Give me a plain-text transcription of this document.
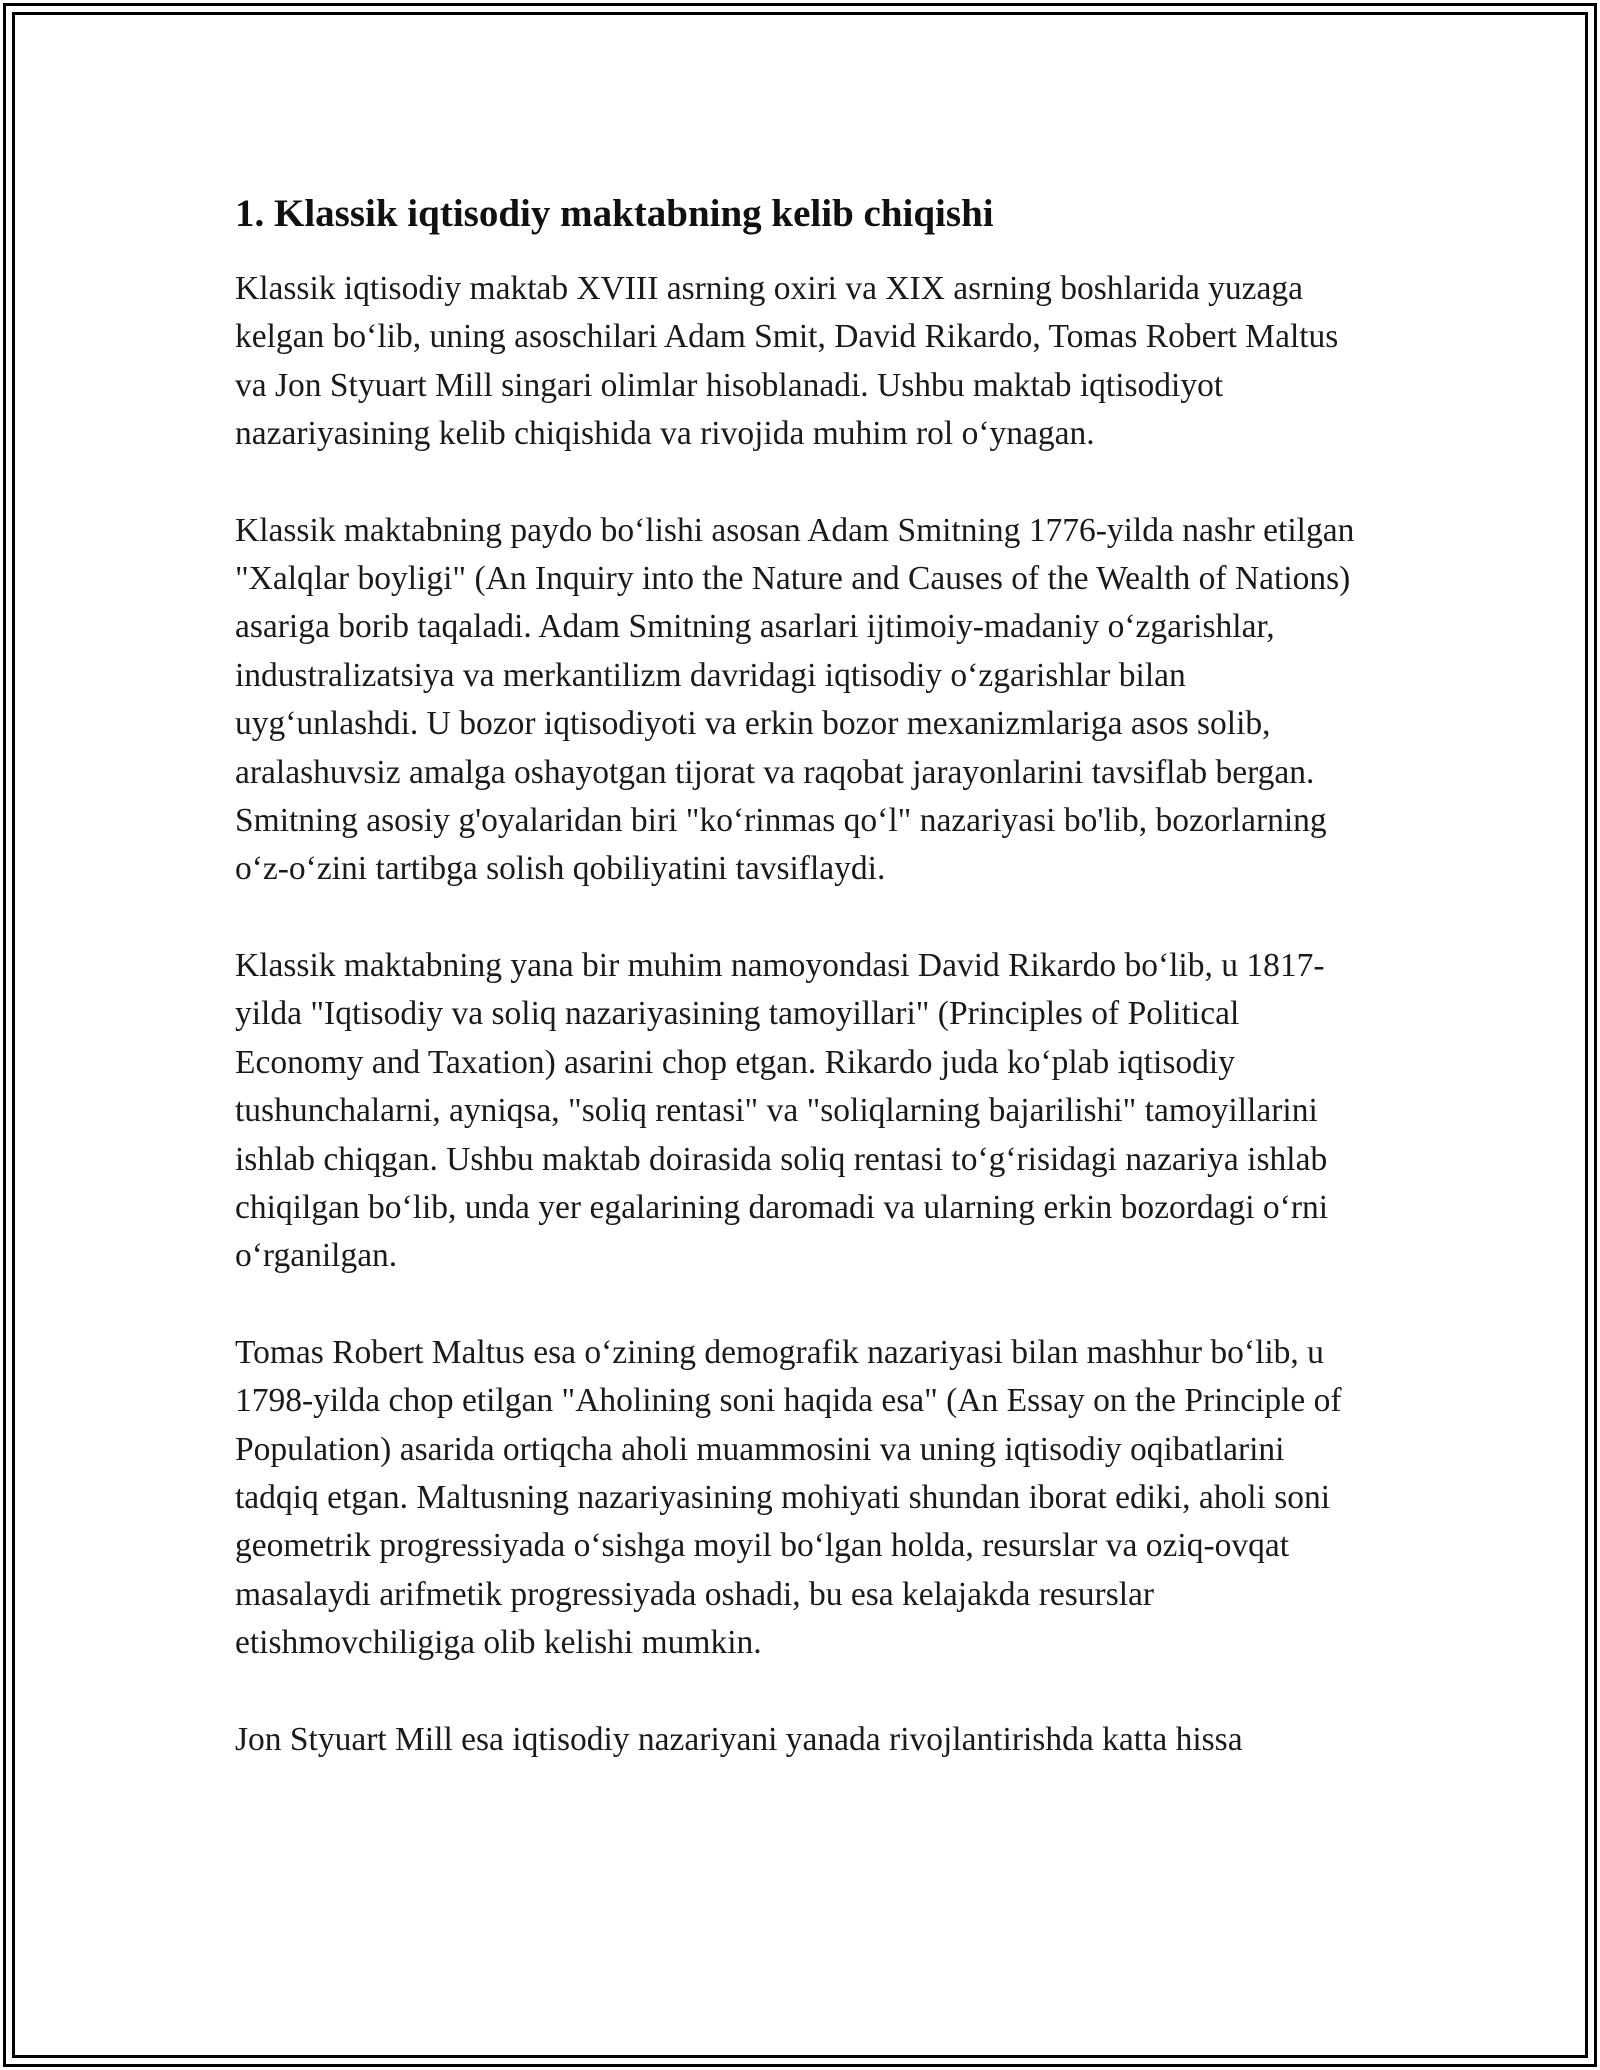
1. Klassik iqtisodiy maktabning kelib chiqishi

Klassik iqtisodiy maktab XVIII asrning oxiri va XIX asrning boshlarida yuzaga kelgan boʻlib, uning asoschilari Adam Smit, David Rikardo, Tomas Robert Maltus va Jon Styuart Mill singari olimlar hisoblanadi. Ushbu maktab iqtisodiyot nazariyasining kelib chiqishida va rivojida muhim rol oʻynagan.

Klassik maktabning paydo boʻlishi asosan Adam Smitning 1776-yilda nashr etilgan "Xalqlar boyligi" (An Inquiry into the Nature and Causes of the Wealth of Nations) asariga borib taqaladi. Adam Smitning asarlari ijtimoiy-madaniy oʻzgarishlar, industralizatsiya va merkantilizm davridagi iqtisodiy oʻzgarishlar bilan uygʻunlashdi. U bozor iqtisodiyoti va erkin bozor mexanizmlariga asos solib, aralashuvsiz amalga oshayotgan tijorat va raqobat jarayonlarini tavsiflab bergan. Smitning asosiy g'oyalaridan biri "koʻrinmas qoʻl" nazariyasi bo'lib, bozorlarning oʻz-oʻzini tartibga solish qobiliyatini tavsiflaydi.

Klassik maktabning yana bir muhim namoyondasi David Rikardo boʻlib, u 1817-yilda "Iqtisodiy va soliq nazariyasining tamoyillari" (Principles of Political Economy and Taxation) asarini chop etgan. Rikardo juda koʻplab iqtisodiy tushunchalarni, ayniqsa, "soliq rentasi" va "soliqlarning bajarilishi" tamoyillarini ishlab chiqgan. Ushbu maktab doirasida soliq rentasi toʻgʻrisidagi nazariya ishlab chiqilgan boʻlib, unda yer egalarining daromadi va ularning erkin bozordagi oʻrni oʻrganilgan.

Tomas Robert Maltus esa oʻzining demografik nazariyasi bilan mashhur boʻlib, u 1798-yilda chop etilgan "Aholining soni haqida esa" (An Essay on the Principle of Population) asarida ortiqcha aholi muammosini va uning iqtisodiy oqibatlarini tadqiq etgan. Maltusning nazariyasining mohiyati shundan iborat ediki, aholi soni geometrik progressiyada oʻsishga moyil boʻlgan holda, resurslar va oziq-ovqat masalaydi arifmetik progressiyada oshadi, bu esa kelajakda resurslar etishmovchiligiga olib kelishi mumkin.

Jon Styuart Mill esa iqtisodiy nazariyani yanada rivojlantirishda katta hissa
